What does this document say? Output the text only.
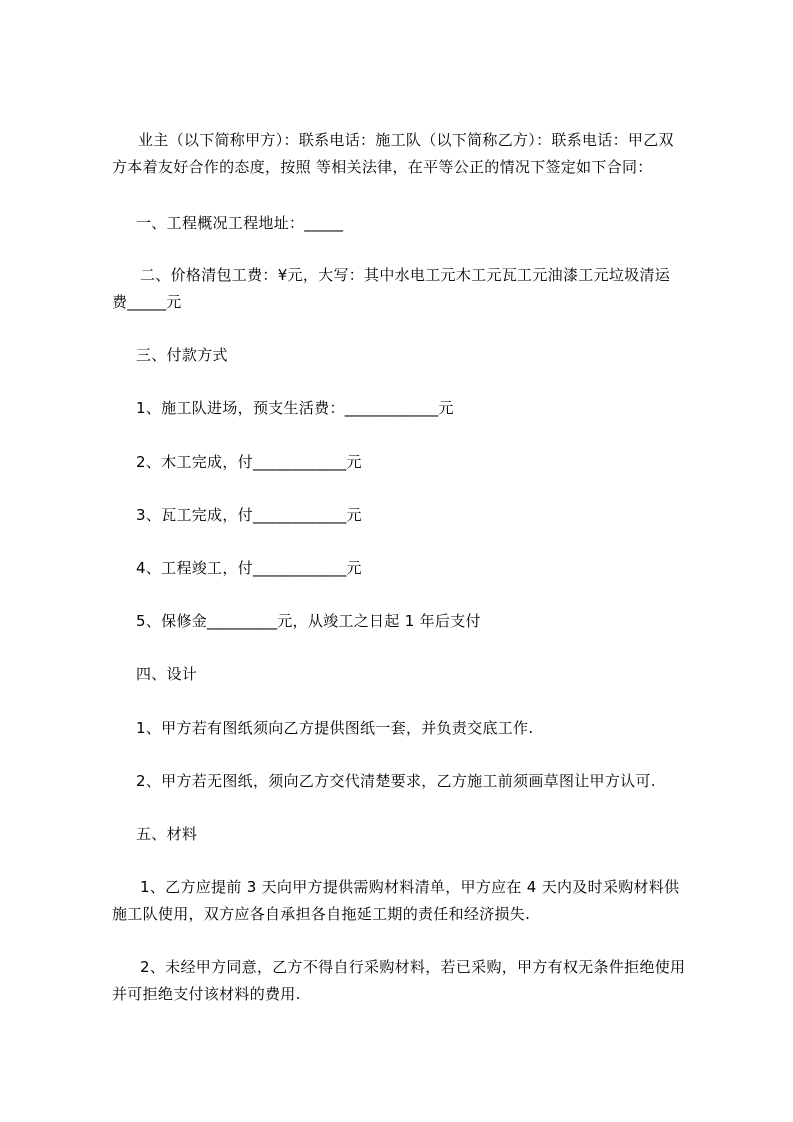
业主（以下简称甲方）：联系电话：施工队（以下简称乙方）：联系电话：甲乙双
方本着友好合作的态度，按照 等相关法律，在平等公正的情况下签定如下合同：
一、工程概况工程地址：_____
二、价格清包工费：¥元，大写：其中水电工元木工元瓦工元油漆工元垃圾清运
费_____元
三、付款方式
1、施工队进场，预支生活费：____________元
2、木工完成，付____________元
3、瓦工完成，付____________元
4、工程竣工，付____________元
5、保修金_________元，从竣工之日起 1 年后支付
四、设计
1、甲方若有图纸须向乙方提供图纸一套，并负责交底工作.
2、甲方若无图纸，须向乙方交代清楚要求，乙方施工前须画草图让甲方认可.
五、材料
1、乙方应提前 3 天向甲方提供需购材料清单，甲方应在 4 天内及时采购材料供
施工队使用，双方应各自承担各自拖延工期的责任和经济损失.
2、未经甲方同意，乙方不得自行采购材料，若已采购，甲方有权无条件拒绝使用
并可拒绝支付该材料的费用.
